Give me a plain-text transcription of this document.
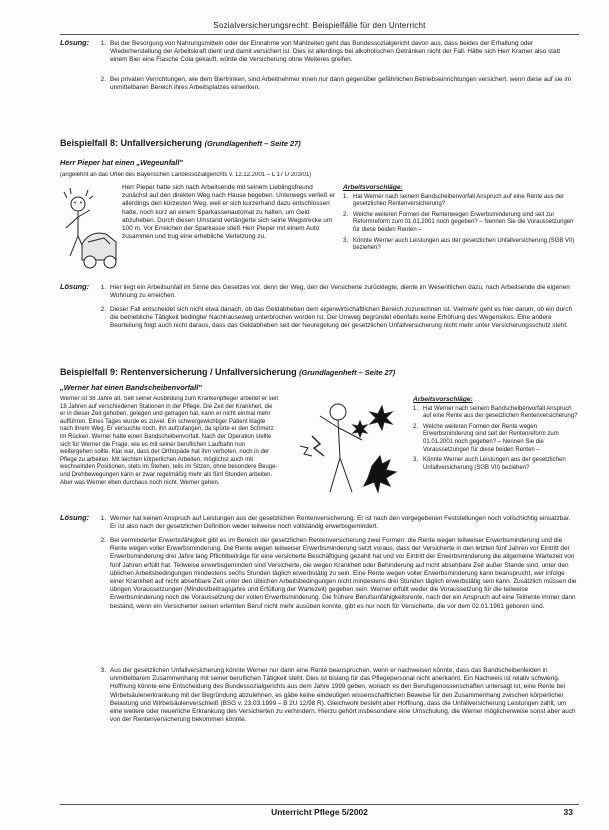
Sozialversicherungsrecht: Beispielfälle für den Unterricht
Lösung:	1. Bei der Besorgung von Nahrungsmitteln oder der Einnahme von Mahlzeiten geht das Bundessozialgericht davon aus, dass beides der Erhaltung oder Wiederherstellung der Arbeitskraft dient und damit versichert ist. Dies ist allerdings bei alkoholischen Getränken nicht der Fall. Hätte sich Herr Kramer also statt einem Bier eine Flasche Cola gekauft, würde die Versicherung ohne Weiteres greifen.
2. Bei privaten Verrichtungen, wie dem Biertrinken, sind Arbeitnehmer innen nur dann gegenüber gefährlichen Betriebseinrichtungen versichert, wenn diese auf sie im unmittelbaren Bereich ihres Arbeitsplatzes einwirken.
Beispielfall 8: Unfallversicherung (Grundlagenheft – Seite 27)
Herr Pieper hat einen „Wegeunfall"
(angelehnt an das Urteil des Bayerischen Landessozialgerichts v. 12.12.2001 – L 17 U 203/01)
Herr Pieper hatte sich nach Arbeitsende mit seinem Lieblingsfreund zunächst auf den direkten Weg nach Hause begeben. Unterwegs verließ er allerdings den kürzesten Weg, weil er sich kurzerhand dazu entschlossen hatte, noch kurz an einem Sparkassenautomat zu halten, um Geld abzuheben. Durch diesen Umstand verlängerte sich seine Wegstrecke um 100 m. Vor Erreichen der Sparkasse stieß Herr Pieper mit einem Auto zusammen und trug eine erhebliche Verletzung zu.
Arbeitsvorschläge:
1. Hat Werner nach seinem Bandscheibenvorfall Anspruch auf eine Rente aus der gesetzlichen Rentenversicherung?
2. Welche weiteren Formen der Rentenwegen Erwerbsminderung sind seit zur Reformreform zum 01.01.2001 noch gegeben? – Nennen Sie die Voraussetzungen für diese beiden Renten –
3. Könnte Werner auch Leistungen aus der gesetzlichen Unfallversicherung (SGB VII) beziehen?
Lösung:	1. Hier liegt ein Arbeitsunfall im Sinne des Gesetzes vor, denn der Weg, den der Versicherte zurücklegte, diente im Wesentlichen dazu, nach Arbeitsende die eigenen Wohnung zu erreichen.
2. Dieser Fall entscheidet sich nicht etwa danach, ob das Geldabheben dem eigenwirtschaftlichen Bereich zuzurechnen ist. Vielmehr geht es hier darum, ob ein durch die betriebliche Tätigkeit bedingter Nachhauseweg unterbrochen worden ist. Der Umweg begründet ebenfalls keine Erhöhung des Wegerisikos. Eine andere Beurteilung folgt auch nicht daraus, dass das Geldabheben seit der Neuregelung der gesetzlichen Unfallversicherung nicht mehr unter Versicherungsschutz steht.
Beispielfall 9: Rentenversicherung / Unfallversicherung (Grundlagenheft – Seite 27)
„Werner hat einen Bandscheibenvorfall"
Werner ist 38 Jahre alt. Seit seiner Ausbildung zum Krankenpfleger arbeitet er seit 18 Jahren auf verschiedenen Stationen in der Pflege. Die Zeit der Krankheit, die er in dieser Zeit gehoben, gelegen und getragen hat, kann er nicht einmal mehr aufführen. Eines Tages wurde es zuviel. Ein schwergewichtiger Patient klagte nach ihrem Weg. Er versuchte noch, ihn aufzufangen, da spürte er den Schmerz im Rücken. Werner hatte einen Bandscheibenvorfall. Nach der Operation stellte sich für Werner die Frage, wie es mit seiner beruflichen Laufbahn nun weitergehen sollte. Klar war, dass der Orthopäde hat ihm verboten, noch in der Pflege zu arbeiten. Mit leichten körperlichen Arbeiten, möglichst auch mit wechselnden Positionen, stets im Stehen, teils im Sitzen, ohne besondere Beuge- und Drehbewegungen kann er zwar regelmäßig mehr als fünf Stunden arbeiten. Aber was Werner eben durchaus noch nicht. Werner gehen.
Arbeitsvorschläge:
1. Hat Werner nach seinem Bandscheibenvorfall Anspruch auf eine Rente aus der gesetzlichen Rentenversicherung?
2. Welche weiteren Formen der Rente wegen Erwerbsminderung sind seit der Rentenreform zum 01.01.2001 noch gegeben? – Nennen Sie die Voraussetzungen für diese beiden Renten –
3. Könnte Werner auch Leistungen aus der gesetzlichen Unfallversicherung (SGB VII) beziehen?
Lösung:	1. Werner hat keinen Anspruch auf Leistungen aus der gesetzlichen Rentenversicherung. Er ist nach den vorgegebenen Feststellungen noch vollschichtig einsatzbar. Er ist also nach der gesetzlichen Definition weder teilweise noch vollständig erwerbsgemindert.
2. Bei verminderter Erwerbsfähigkeit gibt es im Bereich der gesetzlichen Rentenversicherung zwei Formen: die Rente wegen teilweiser Erwerbsminderung und die Rente wegen voller Erwerbsminderung. Die Rente wegen teilweiser Erwerbsminderung setzt voraus, dass der Versicherte in den letzten fünf Jahren vor Eintritt der Erwerbsminderung drei Jahre lang Pflichtbeiträge für eine versicherte Beschäftigung gezahlt hat und vor Eintritt der Erwerbsminderung die allgemeine Wartezeit von fünf Jahren erfüllt hat. Teilweise erwerbsgemindert sind Versicherte, die wegen Krankheit oder Behinderung auf nicht absehbare Zeit außer Stande sind, unter den üblichen Arbeitsbedingungen mindestens sechs Stunden täglich erwerbstätig zu sein. Eine Rente wegen voller Erwerbsminderung kann beansprucht, wer infolge einer Krankheit auf nicht absehbare Zeit unter den üblichen Arbeitsbedingungen nicht mindestens drei Stunden täglich erwerbstätig sein kann. Zusätzlich müssen die übrigen Voraussetzungen (Mindestbeitragsjahre und Erfüllung der Wartezeit) gegeben sein. Werner erfüllt weder die Voraussetzung für die teilweise Erwerbsminderung noch die Voraussetzung der vollen Erwerbsminderung. Die frühere Berufsunfähigkeitsrente, nach der ein Anspruch auf eine Teilrente immer dann bestand, wenn ein Versicherter seinen erlernten Beruf nicht mehr ausüben konnte, gibt es nur noch für Versicherte, die vor dem 02.01.1961 geboren sind.
3. Aus der gesetzlichen Unfallversicherung könnte Werner nur dann eine Rente beanspruchen, wenn er nachweisen könnte, dass das Bandscheibenleiden in unmittelbarem Zusammenhang mit seiner beruflichen Tätigkeit steht. Dies ist bislang für das Pflegepersonal nicht anerkannt. Ein Nachweis ist relativ schwierig. Hoffnung könnte eine Entscheidung des Bundessozialgerichts aus dem Jahre 1999 geben, wonach es den Berufsgenossenschaften untersagt ist, eine Rente bei Wirbelsäulenerkrankung mit der Begründung abzulehnen, es gäbe keine eindeutigen wissenschaftlichen Beweise für den Zusammenhang zwischen körperlicher Belastung und Wirbelsäulenverschleiß (BSG v. 23.03.1999 – B 2U 12/98 R). Gleichwohl besteht aber Hoffnung, dass die Unfallversicherung Leistungen zahlt, um eine weitere oder neuerliche Erkrankung des Versicherten zu verhindern. Hierzu gehört insbesondere eine Umschulung, die Werner möglicherweise sonst aber auch von der Rentenversicherung bekommen könnte.
Unterricht Pflege 5/2002	33
